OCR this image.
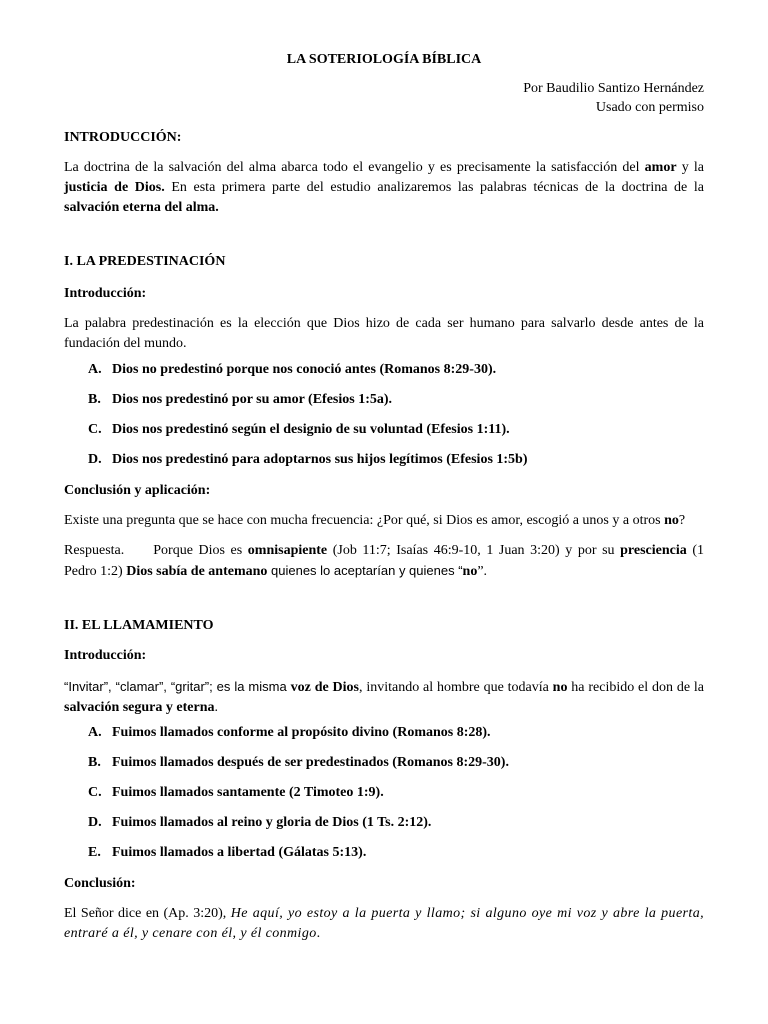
LA SOTERIOLOGÍA BÍBLICA
Por Baudilio Santizo Hernández
Usado con permiso
INTRODUCCIÓN:
La doctrina de la salvación del alma abarca todo el evangelio y es precisamente la satisfacción del amor y la justicia de Dios. En esta primera parte del estudio analizaremos las palabras técnicas de la doctrina de la salvación eterna del alma.
I. LA PREDESTINACIÓN
Introducción:
La palabra predestinación es la elección que Dios hizo de cada ser humano para salvarlo desde antes de la fundación del mundo.
A. Dios no predestinó porque nos conoció antes (Romanos 8:29-30).
B. Dios nos predestinó por su amor (Efesios 1:5a).
C. Dios nos predestinó según el designio de su voluntad (Efesios 1:11).
D. Dios nos predestinó para adoptarnos sus hijos legítimos (Efesios 1:5b)
Conclusión y aplicación:
Existe una pregunta que se hace con mucha frecuencia: ¿Por qué, si Dios es amor, escogió a unos y a otros no?
Respuesta. Porque Dios es omnisapiente (Job 11:7; Isaías 46:9-10, 1 Juan 3:20) y por su presciencia (1 Pedro 1:2) Dios sabía de antemano quienes lo aceptarían y quienes “no”.
II. EL LLAMAMIENTO
Introducción:
“Invitar”, “clamar”, “gritar”; es la misma voz de Dios, invitando al hombre que todavía no ha recibido el don de la salvación segura y eterna.
A. Fuimos llamados conforme al propósito divino (Romanos 8:28).
B. Fuimos llamados después de ser predestinados (Romanos 8:29-30).
C. Fuimos llamados santamente (2 Timoteo 1:9).
D. Fuimos llamados al reino y gloria de Dios (1 Ts. 2:12).
E. Fuimos llamados a libertad (Gálatas 5:13).
Conclusión:
El Señor dice en (Ap. 3:20), He aquí, yo estoy a la puerta y llamo; si alguno oye mi voz y abre la puerta, entraré a él, y cenare con él, y él conmigo.
